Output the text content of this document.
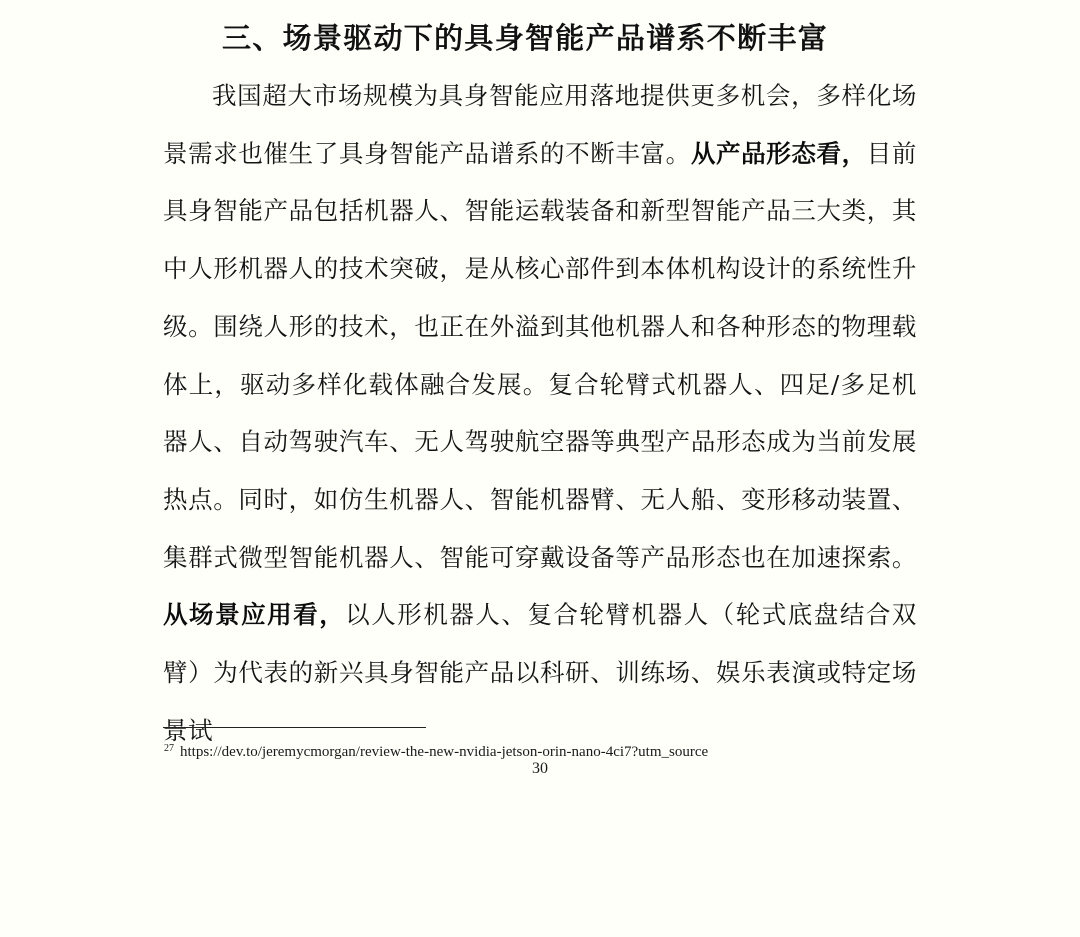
三、场景驱动下的具身智能产品谱系不断丰富

我国超大市场规模为具身智能应用落地提供更多机会，多样化场景需求也催生了具身智能产品谱系的不断丰富。从产品形态看，目前具身智能产品包括机器人、智能运载装备和新型智能产品三大类，其中人形机器人的技术突破，是从核心部件到本体机构设计的系统性升级。围绕人形的技术，也正在外溢到其他机器人和各种形态的物理载体上，驱动多样化载体融合发展。复合轮臂式机器人、四足/多足机器人、自动驾驶汽车、无人驾驶航空器等典型产品形态成为当前发展热点。同时，如仿生机器人、智能机器臂、无人船、变形移动装置、集群式微型智能机器人、智能可穿戴设备等产品形态也在加速探索。从场景应用看，以人形机器人、复合轮臂机器人（轮式底盘结合双臂）为代表的新兴具身智能产品以科研、训练场、娱乐表演或特定场景试

$^{27}$ https://dev.to/jeremycmorgan/review-the-new-nvidia-jetson-orin-nano-4ci7?utm_source
30
